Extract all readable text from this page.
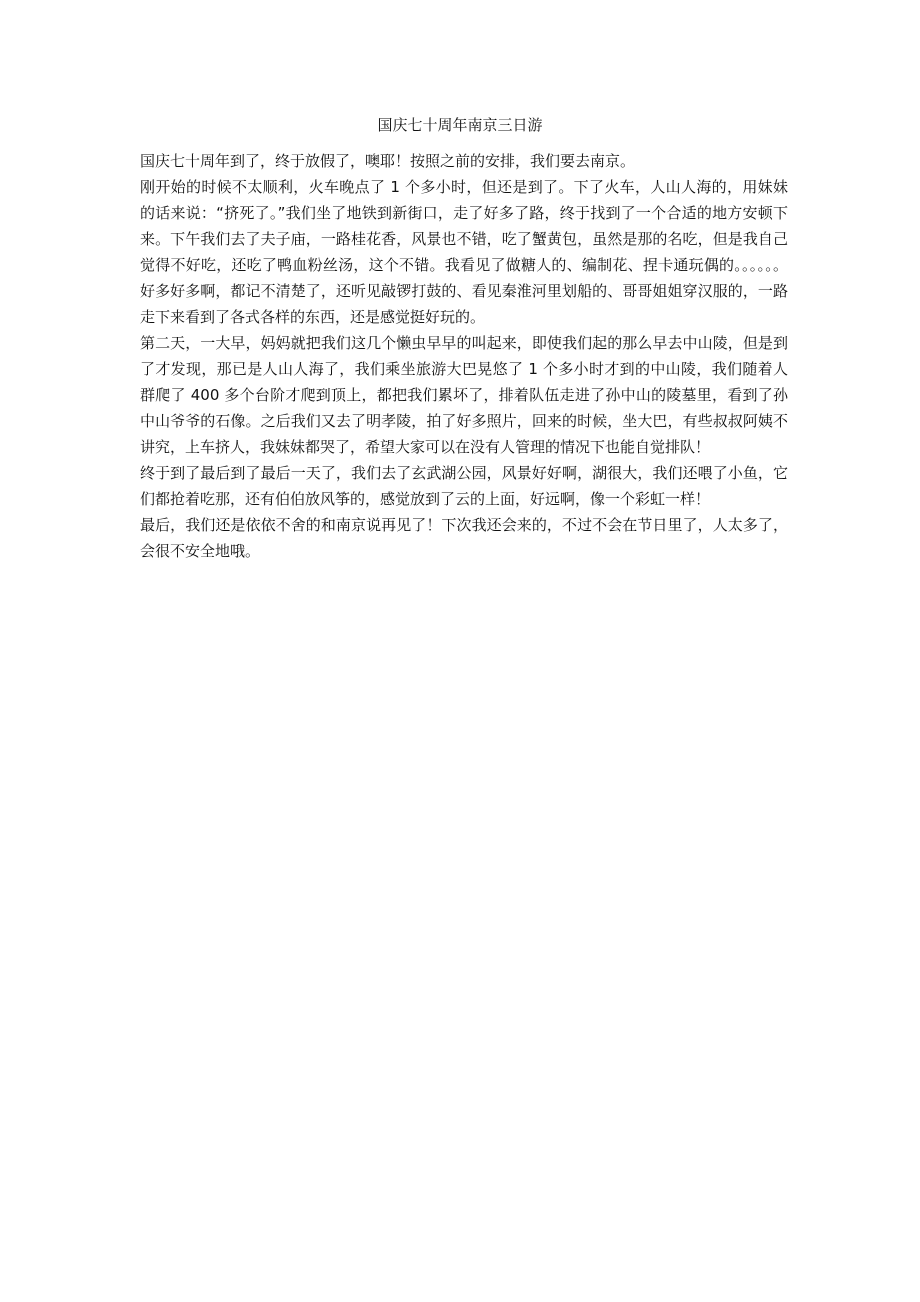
国庆七十周年南京三日游

国庆七十周年到了，终于放假了，噢耶！按照之前的安排，我们要去南京。

刚开始的时候不太顺利，火车晚点了 1 个多小时，但还是到了。下了火车，人山人海的，用妹妹的话来说：“挤死了。”我们坐了地铁到新街口，走了好多了路，终于找到了一个合适的地方安顿下来。下午我们去了夫子庙，一路桂花香，风景也不错，吃了蟹黄包，虽然是那的名吃，但是我自己觉得不好吃，还吃了鸭血粉丝汤，这个不错。我看见了做糖人的、编制花、捏卡通玩偶的。。。。。。好多好多啊，都记不清楚了，还听见敲锣打鼓的、看见秦淮河里划船的、哥哥姐姐穿汉服的，一路走下来看到了各式各样的东西，还是感觉挺好玩的。

第二天，一大早，妈妈就把我们这几个懒虫早早的叫起来，即使我们起的那么早去中山陵，但是到了才发现，那已是人山人海了，我们乘坐旅游大巴晃悠了 1 个多小时才到的中山陵，我们随着人群爬了 400 多个台阶才爬到顶上，都把我们累坏了，排着队伍走进了孙中山的陵墓里，看到了孙中山爷爷的石像。之后我们又去了明孝陵，拍了好多照片，回来的时候，坐大巴，有些叔叔阿姨不讲究，上车挤人，我妹妹都哭了，希望大家可以在没有人管理的情况下也能自觉排队！

终于到了最后到了最后一天了，我们去了玄武湖公园，风景好好啊，湖很大，我们还喂了小鱼，它们都抢着吃那，还有伯伯放风筝的，感觉放到了云的上面，好远啊，像一个彩虹一样！

最后，我们还是依依不舍的和南京说再见了！下次我还会来的，不过不会在节日里了，人太多了，会很不安全地哦。
